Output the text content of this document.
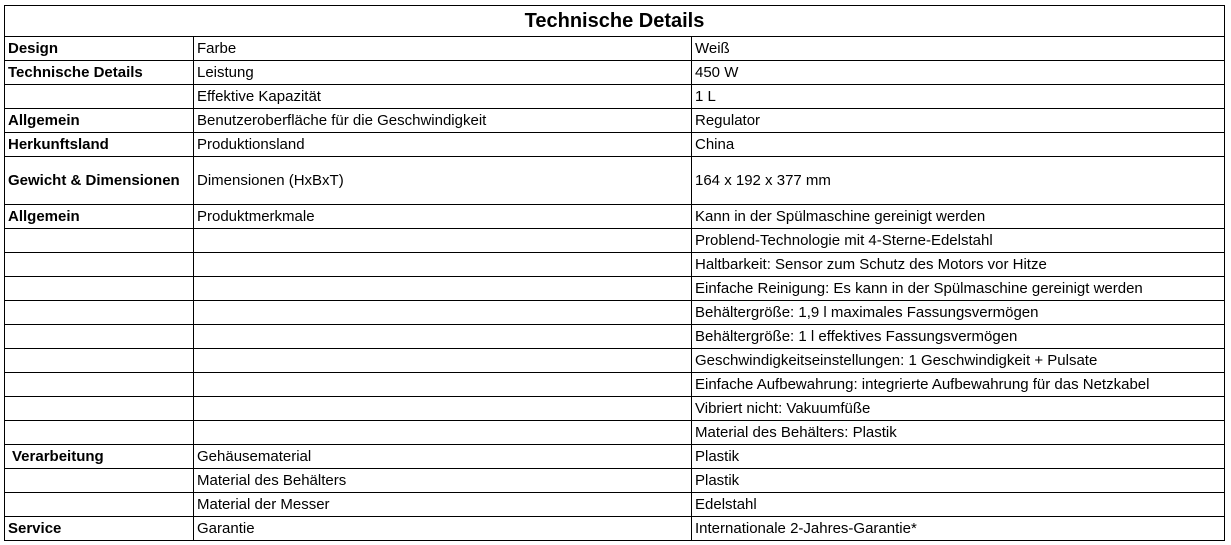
Technische Details		
Design	Farbe	Weiß
Technische Details	Leistung	450 W
	Effektive Kapazität	1 L
Allgemein	Benutzeroberfläche für die Geschwindigkeit	Regulator
Herkunftsland	Produktionsland	China
Gewicht & Dimensionen	Dimensionen (HxBxT)	164 x 192 x 377 mm
Allgemein	Produktmerkmale	Kann in der Spülmaschine gereinigt werden
		Problend-Technologie mit 4-Sterne-Edelstahl
		Haltbarkeit: Sensor zum Schutz des Motors vor Hitze
		Einfache Reinigung: Es kann in der Spülmaschine gereinigt werden
		Behältergröße: 1,9 l maximales Fassungsvermögen
		Behältergröße: 1 l effektives Fassungsvermögen
		Geschwindigkeitseinstellungen: 1 Geschwindigkeit + Pulsate
		Einfache Aufbewahrung: integrierte Aufbewahrung für das Netzkabel
		Vibriert nicht: Vakuumfüße
		Material des Behälters: Plastik
Verarbeitung	Gehäusematerial	Plastik
	Material des Behälters	Plastik
	Material der Messer	Edelstahl
Service	Garantie	Internationale 2-Jahres-Garantie*
